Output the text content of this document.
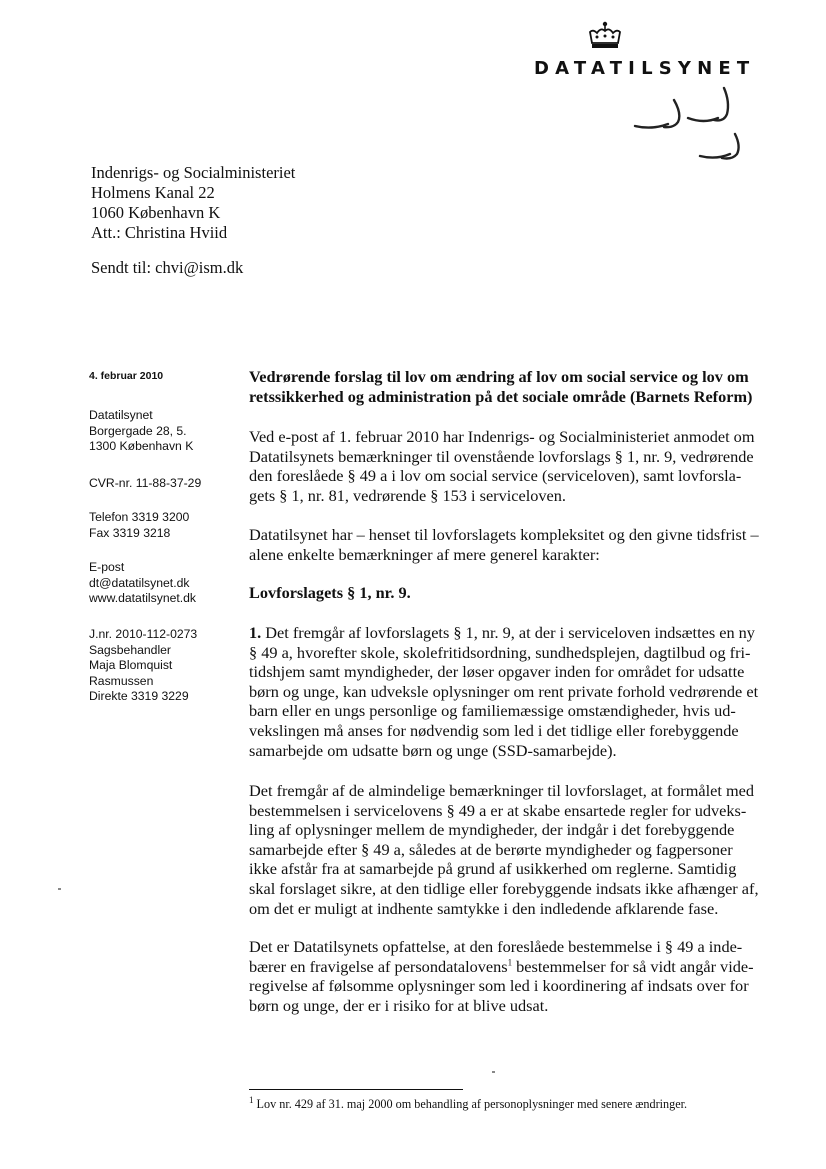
DATATILSYNET
Indenrigs- og Socialministeriet
Holmens Kanal 22
1060 København K
Att.: Christina Hviid
Sendt til: chvi@ism.dk
4. februar 2010
Datatilsynet
Borgergade 28, 5.
1300 København K
CVR-nr. 11-88-37-29
Telefon 3319 3200
Fax 3319 3218
E-post
dt@datatilsynet.dk
www.datatilsynet.dk
J.nr. 2010-112-0273
Sagsbehandler
Maja Blomquist
Rasmussen
Direkte 3319 3229
Vedrørende forslag til lov om ændring af lov om social service og lov om
retssikkerhed og administration på det sociale område (Barnets Reform)
Ved e-post af 1. februar 2010 har Indenrigs- og Socialministeriet anmodet om
Datatilsynets bemærkninger til ovenstående lovforslags § 1, nr. 9, vedrørende
den foreslåede § 49 a i lov om social service (serviceloven), samt lovforsla-
gets § 1, nr. 81, vedrørende § 153 i serviceloven.
Datatilsynet har – henset til lovforslagets kompleksitet og den givne tidsfrist –
alene enkelte bemærkninger af mere generel karakter:
Lovforslagets § 1, nr. 9.
1. Det fremgår af lovforslagets § 1, nr. 9, at der i serviceloven indsættes en ny
§ 49 a, hvorefter skole, skolefritidsordning, sundhedsplejen, dagtilbud og fri-
tidshjem samt myndigheder, der løser opgaver inden for området for udsatte
børn og unge, kan udveksle oplysninger om rent private forhold vedrørende et
barn eller en ungs personlige og familiemæssige omstændigheder, hvis ud-
vekslingen må anses for nødvendig som led i det tidlige eller forebyggende
samarbejde om udsatte børn og unge (SSD-samarbejde).
Det fremgår af de almindelige bemærkninger til lovforslaget, at formålet med
bestemmelsen i servicelovens § 49 a er at skabe ensartede regler for udveks-
ling af oplysninger mellem de myndigheder, der indgår i det forebyggende
samarbejde efter § 49 a, således at de berørte myndigheder og fagpersoner
ikke afstår fra at samarbejde på grund af usikkerhed om reglerne. Samtidig
skal forslaget sikre, at den tidlige eller forebyggende indsats ikke afhænger af,
om det er muligt at indhente samtykke i den indledende afklarende fase.
Det er Datatilsynets opfattelse, at den foreslåede bestemmelse i § 49 a inde-
bærer en fravigelse af persondatalovens$^1$ bestemmelser for så vidt angår vide-
regivelse af følsomme oplysninger som led i koordinering af indsats over for
børn og unge, der er i risiko for at blive udsat.
$^1$ Lov nr. 429 af 31. maj 2000 om behandling af personoplysninger med senere ændringer.
